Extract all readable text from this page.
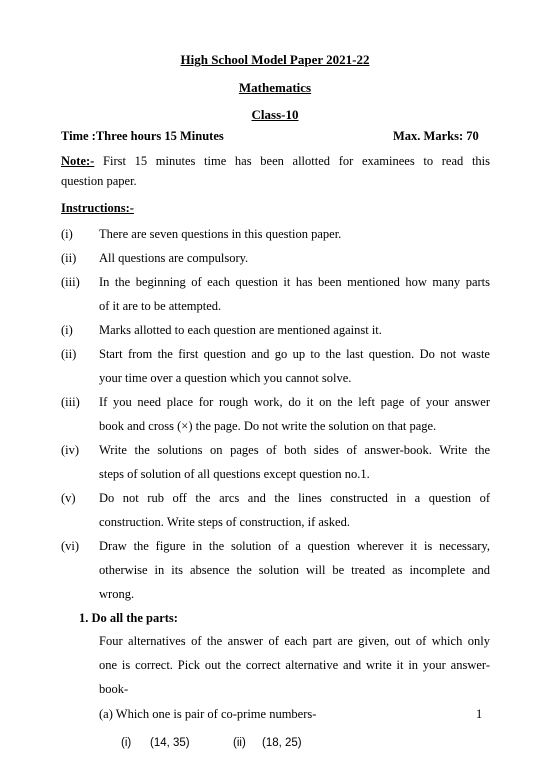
High School Model Paper 2021-22
Mathematics
Class-10
Time :Three hours 15 Minutes	Max. Marks: 70
Note:- First 15 minutes time has been allotted for examinees to read this
question paper.
Instructions:-
(i) There are seven questions in this question paper.
(ii) All questions are compulsory.
(iii) In the beginning of each question it has been mentioned how many parts
of it are to be attempted.
(i) Marks allotted to each question are mentioned against it.
(ii) Start from the first question and go up to the last question. Do not waste
your time over a question which you cannot solve.
(iii) If you need place for rough work, do it on the left page of your answer
book and cross (×) the page. Do not write the solution on that page.
(iv) Write the solutions on pages of both sides of answer-book. Write the
steps of solution of all questions except question no.1.
(v) Do not rub off the arcs and the lines constructed in a question of
construction. Write steps of construction, if asked.
(vi) Draw the figure in the solution of a question wherever it is necessary,
otherwise in its absence the solution will be treated as incomplete and
wrong.
1. Do all the parts:
Four alternatives of the answer of each part are given, out of which only
one is correct. Pick out the correct alternative and write it in your answer-
book-
(a) Which one is pair of co-prime numbers-	1
(i) (14, 35)	(ii) (18, 25)
